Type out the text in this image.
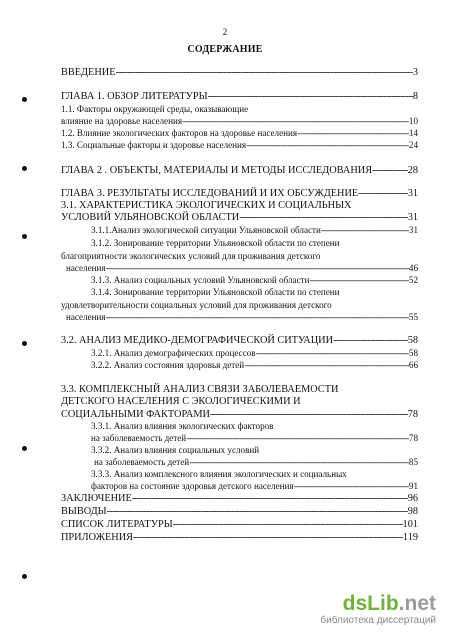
2
СОДЕРЖАНИЕ
ВВЕДЕНИЕ -----	3
ГЛАВА 1. ОБЗОР ЛИТЕРАТУРЫ -----	8
1.1. Факторы окружающей среды, оказывающие
влияние на здоровье населения -----	10
1.2. Влияние экологических факторов на здоровье населения -----	14
1.3. Социальные факторы и здоровье населения -----	24
ГЛАВА 2 . ОБЪЕКТЫ, МАТЕРИАЛЫ И МЕТОДЫ ИССЛЕДОВАНИЯ -----	28
ГЛАВА 3. РЕЗУЛЬТАТЫ ИССЛЕДОВАНИЙ И ИХ ОБСУЖДЕНИЕ -----	31
3.1. ХАРАКТЕРИСТИКА ЭКОЛОГИЧЕСКИХ И СОЦИАЛЬНЫХ
УСЛОВИЙ УЛЬЯНОВСКОЙ ОБЛАСТИ -----	31
3.1.1.Анализ экологической ситуации Ульяновской области -----	31
3.1.2. Зонирование территории Ульяновской области по степени
благоприятности экологических условий для проживания детского
населения -----	46
3.1.3. Анализ социальных условий Ульяновской области -----	52
3.1.4. Зонирование территории Ульяновской области по степени
удовлетворительности социальных условий для проживания детского
населения -----	55
3.2. АНАЛИЗ МЕДИКО-ДЕМОГРАФИЧЕСКОЙ СИТУАЦИИ -----	58
3.2.1. Анализ демографических процессов -----	58
3.2.2. Анализ состояния здоровья детей -----	66
3.3. КОМПЛЕКСНЫЙ АНАЛИЗ СВЯЗИ ЗАБОЛЕВАЕМОСТИ
ДЕТСКОГО НАСЕЛЕНИЯ С ЭКОЛОГИЧЕСКИМИ И
СОЦИАЛЬНЫМИ ФАКТОРАМИ -----	78
3.3.1. Анализ влияния экологических факторов
на заболеваемость детей -----	78
3.3.2. Анализ влияния социальных условий
на заболеваемость детей -----	85
3.3.3. Анализ комплексного влияния экологических и социальных
факторов на состояние здоровья детского населения -----	91
ЗАКЛЮЧЕНИЕ -----	96
ВЫВОДЫ -----	98
СПИСОК ЛИТЕРАТУРЫ -----	101
ПРИЛОЖЕНИЯ -----	119
dsLib.net
библиотека диссертаций
